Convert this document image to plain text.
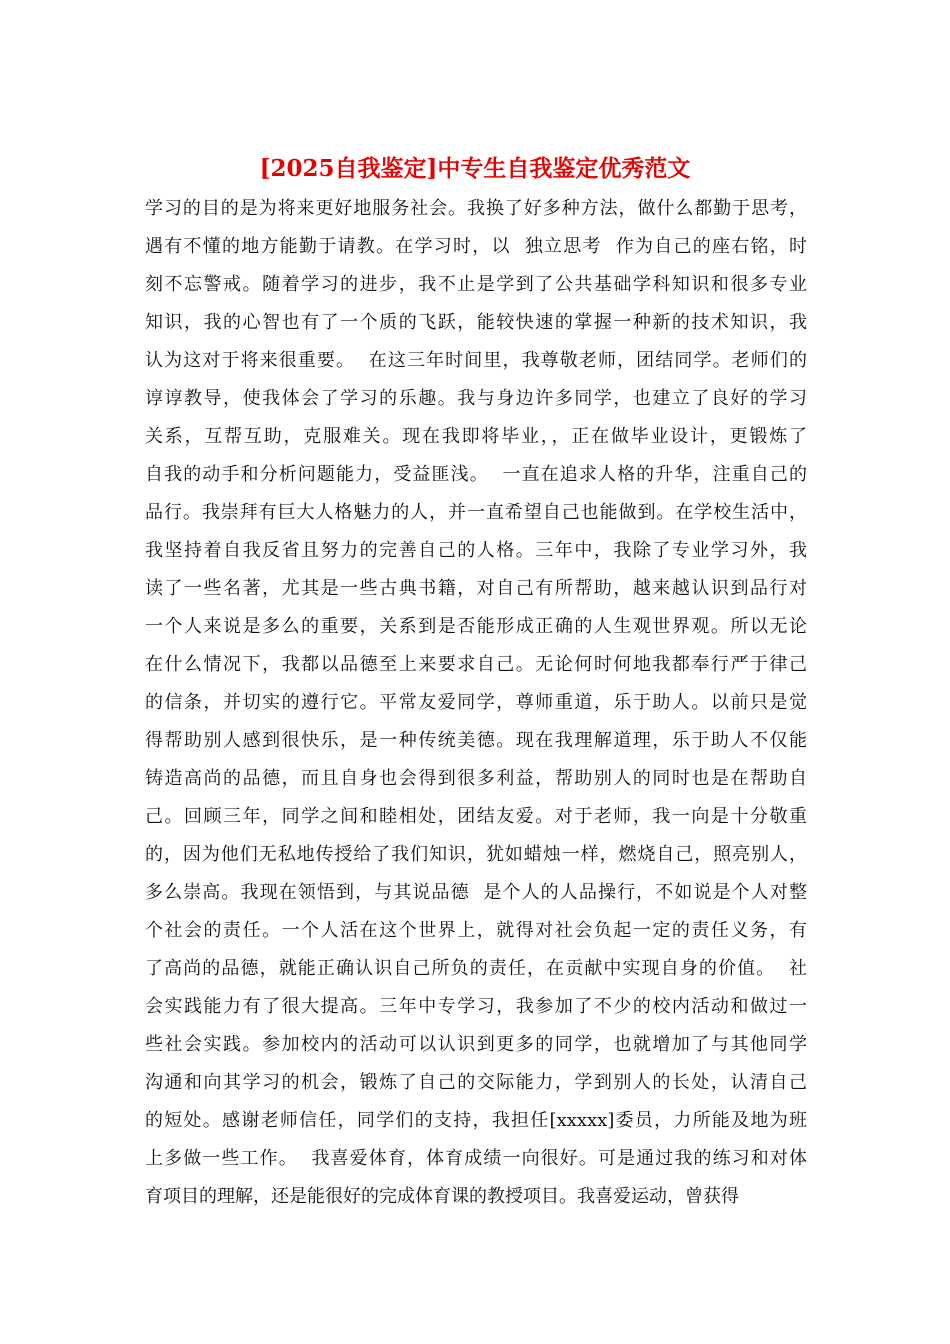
[2025自我鉴定]中专生自我鉴定优秀范文
学习的目的是为将来更好地服务社会。我换了好多种方法，做什么都勤于思考，
遇有不懂的地方能勤于请教。在学习时，以  独立思考  作为自己的座右铭，时
刻不忘警戒。随着学习的进步，我不止是学到了公共基础学科知识和很多专业
知识，我的心智也有了一个质的飞跃，能较快速的掌握一种新的技术知识，我
认为这对于将来很重要。  在这三年时间里，我尊敬老师，团结同学。老师们的
谆谆教导，使我体会了学习的乐趣。我与身边许多同学，也建立了良好的学习
关系，互帮互助，克服难关。现在我即将毕业，，正在做毕业设计，更锻炼了
自我的动手和分析问题能力，受益匪浅。  一直在追求人格的升华，注重自己的
品行。我崇拜有巨大人格魅力的人，并一直希望自己也能做到。在学校生活中，
我坚持着自我反省且努力的完善自己的人格。三年中，我除了专业学习外，我
读了一些名著，尤其是一些古典书籍，对自己有所帮助，越来越认识到品行对
一个人来说是多么的重要，关系到是否能形成正确的人生观世界观。所以无论
在什么情况下，我都以品德至上来要求自己。无论何时何地我都奉行严于律己
的信条，并切实的遵行它。平常友爱同学，尊师重道，乐于助人。以前只是觉
得帮助别人感到很快乐，是一种传统美德。现在我理解道理，乐于助人不仅能
铸造高尚的品德，而且自身也会得到很多利益，帮助别人的同时也是在帮助自
己。回顾三年，同学之间和睦相处，团结友爱。对于老师，我一向是十分敬重
的，因为他们无私地传授给了我们知识，犹如蜡烛一样，燃烧自己，照亮别人，
多么崇高。我现在领悟到，与其说品德  是个人的人品操行，不如说是个人对整
个社会的责任。一个人活在这个世界上，就得对社会负起一定的责任义务，有
了高尚的品德，就能正确认识自己所负的责任，在贡献中实现自身的价值。  社
会实践能力有了很大提高。三年中专学习，我参加了不少的校内活动和做过一
些社会实践。参加校内的活动可以认识到更多的同学，也就增加了与其他同学
沟通和向其学习的机会，锻炼了自己的交际能力，学到别人的长处，认清自己
的短处。感谢老师信任，同学们的支持，我担任[xxxxx]委员，力所能及地为班
上多做一些工作。  我喜爱体育，体育成绩一向很好。可是通过我的练习和对体
育项目的理解，还是能很好的完成体育课的教授项目。我喜爱运动，曾获得
